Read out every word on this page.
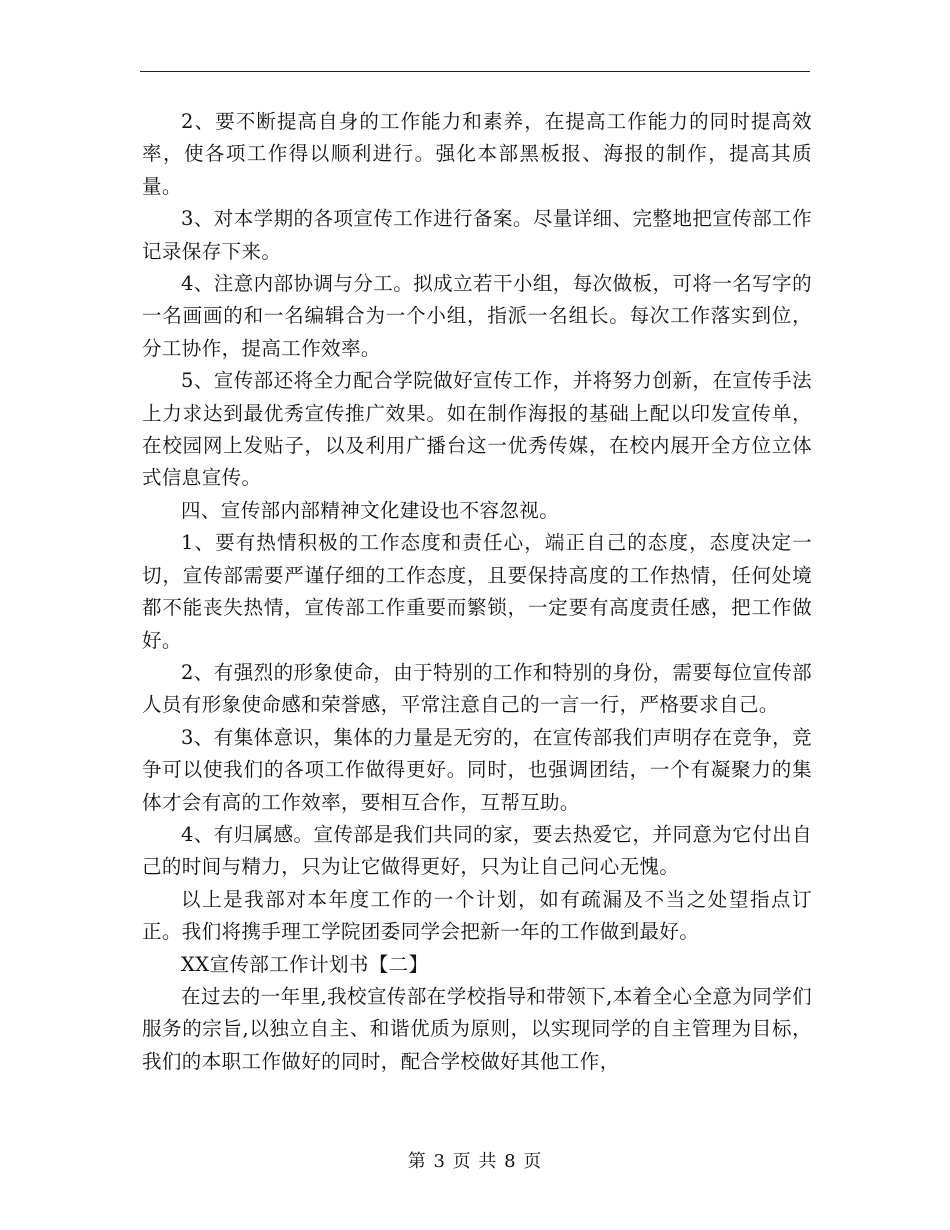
2、要不断提高自身的工作能力和素养，在提高工作能力的同时提高效率，使各项工作得以顺利进行。强化本部黑板报、海报的制作，提高其质量。

3、对本学期的各项宣传工作进行备案。尽量详细、完整地把宣传部工作记录保存下来。

4、注意内部协调与分工。拟成立若干小组，每次做板，可将一名写字的一名画画的和一名编辑合为一个小组，指派一名组长。每次工作落实到位，分工协作，提高工作效率。

5、宣传部还将全力配合学院做好宣传工作，并将努力创新，在宣传手法上力求达到最优秀宣传推广效果。如在制作海报的基础上配以印发宣传单，在校园网上发贴子，以及利用广播台这一优秀传媒，在校内展开全方位立体式信息宣传。

四、宣传部内部精神文化建设也不容忽视。

1、要有热情积极的工作态度和责任心，端正自己的态度，态度决定一切，宣传部需要严谨仔细的工作态度，且要保持高度的工作热情，任何处境都不能丧失热情，宣传部工作重要而繁锁，一定要有高度责任感，把工作做好。

2、有强烈的形象使命，由于特别的工作和特别的身份，需要每位宣传部人员有形象使命感和荣誉感，平常注意自己的一言一行，严格要求自己。

3、有集体意识，集体的力量是无穷的，在宣传部我们声明存在竞争，竞争可以使我们的各项工作做得更好。同时，也强调团结，一个有凝聚力的集体才会有高的工作效率，要相互合作，互帮互助。

4、有归属感。宣传部是我们共同的家，要去热爱它，并同意为它付出自己的时间与精力，只为让它做得更好，只为让自己问心无愧。

以上是我部对本年度工作的一个计划，如有疏漏及不当之处望指点订正。我们将携手理工学院团委同学会把新一年的工作做到最好。

XX宣传部工作计划书【二】

在过去的一年里,我校宣传部在学校指导和带领下,本着全心全意为同学们服务的宗旨,以独立自主、和谐优质为原则，以实现同学的自主管理为目标，我们的本职工作做好的同时，配合学校做好其他工作，

第 3 页 共 8 页
